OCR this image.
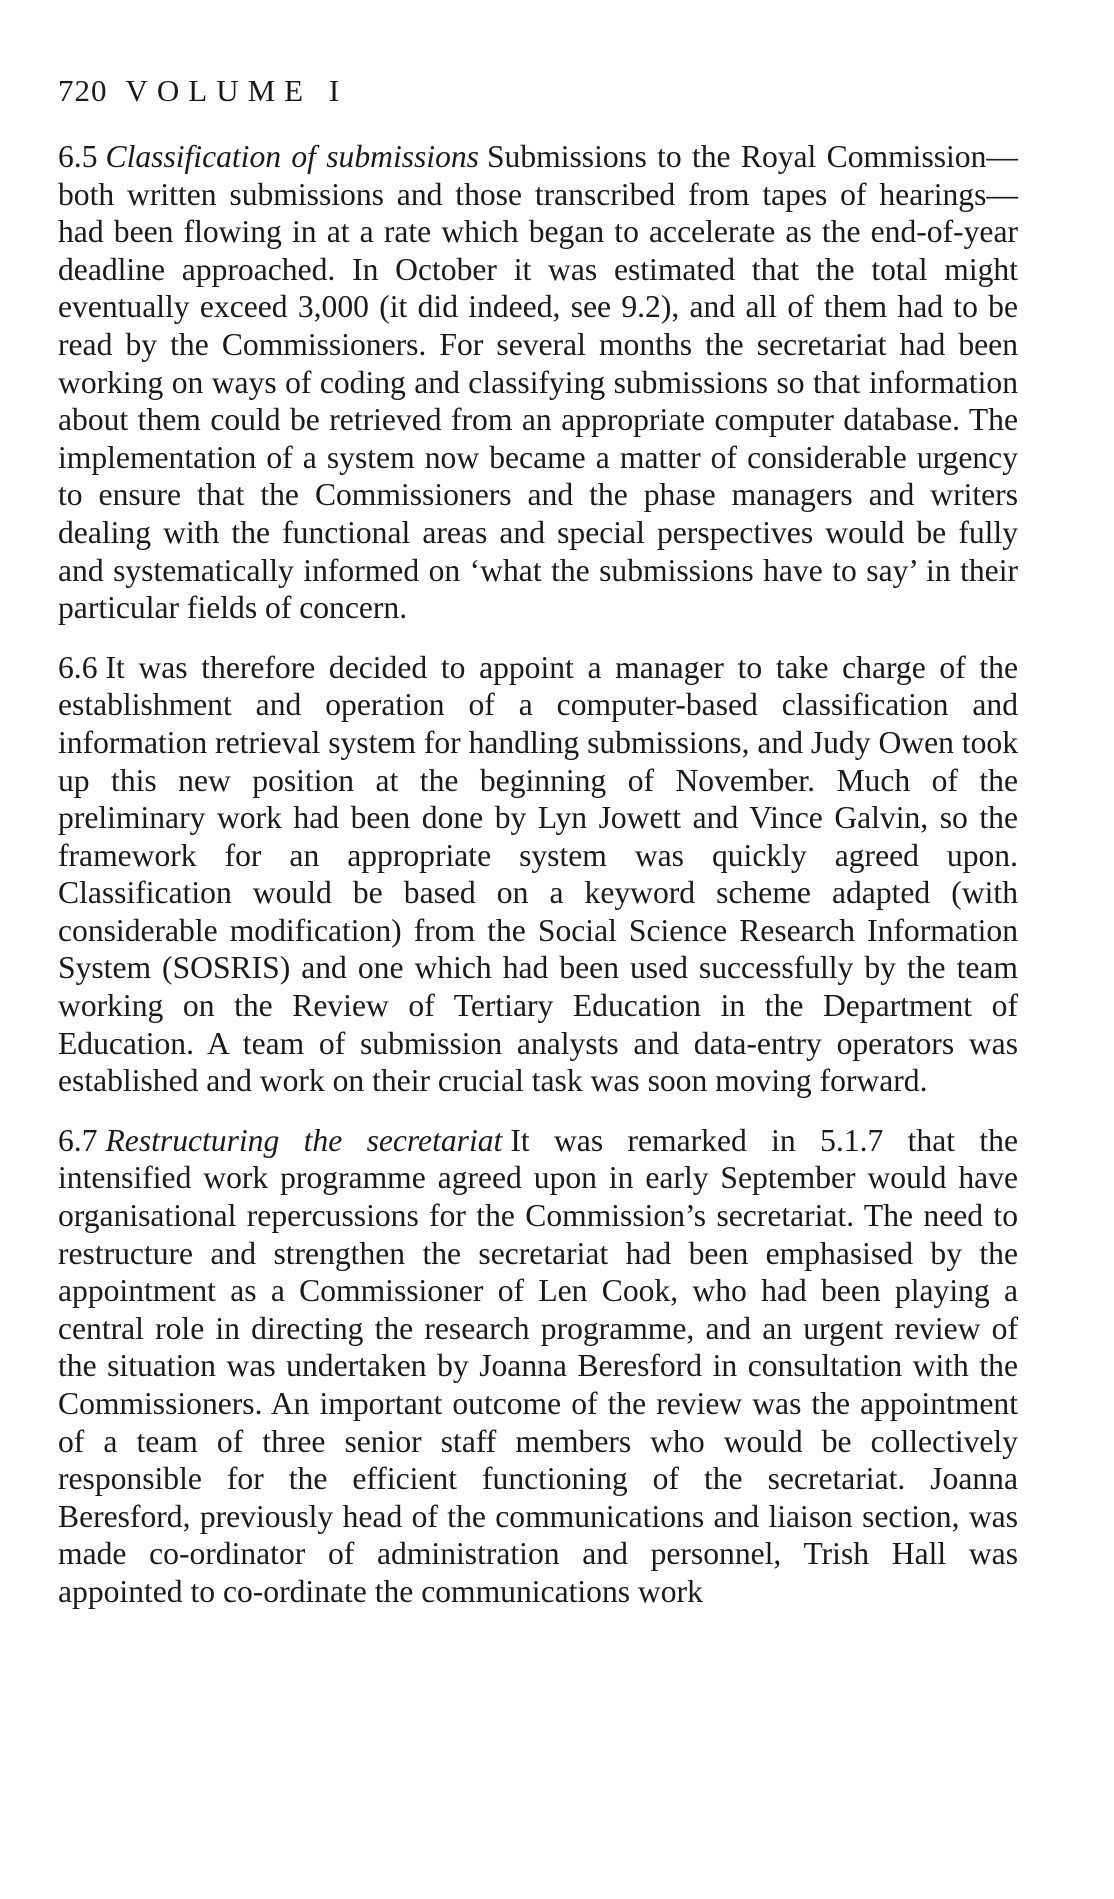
720 VOLUME I

6.5 Classification of submissions Submissions to the Royal Commission—both written submissions and those transcribed from tapes of hearings—had been flowing in at a rate which began to accelerate as the end-of-year deadline approached. In October it was estimated that the total might eventually exceed 3,000 (it did indeed, see 9.2), and all of them had to be read by the Commissioners. For several months the secretariat had been working on ways of coding and classifying submissions so that information about them could be retrieved from an appropriate computer database. The implementation of a system now became a matter of considerable urgency to ensure that the Commissioners and the phase managers and writers dealing with the functional areas and special perspectives would be fully and systematically informed on ‘what the submissions have to say’ in their particular fields of concern.

6.6 It was therefore decided to appoint a manager to take charge of the establishment and operation of a computer-based classification and information retrieval system for handling submissions, and Judy Owen took up this new position at the beginning of November. Much of the preliminary work had been done by Lyn Jowett and Vince Galvin, so the framework for an appropriate system was quickly agreed upon. Classification would be based on a keyword scheme adapted (with considerable modification) from the Social Science Research Information System (SOSRIS) and one which had been used successfully by the team working on the Review of Tertiary Education in the Department of Education. A team of submission analysts and data-entry operators was established and work on their crucial task was soon moving forward.

6.7 Restructuring the secretariat It was remarked in 5.1.7 that the intensified work programme agreed upon in early September would have organisational repercussions for the Commission’s secretariat. The need to restructure and strengthen the secretariat had been emphasised by the appointment as a Commissioner of Len Cook, who had been playing a central role in directing the research programme, and an urgent review of the situation was undertaken by Joanna Beresford in consultation with the Commissioners. An important outcome of the review was the appointment of a team of three senior staff members who would be collectively responsible for the efficient functioning of the secretariat. Joanna Beresford, previously head of the communications and liaison section, was made co-ordinator of administration and personnel, Trish Hall was appointed to co-ordinate the communications work
